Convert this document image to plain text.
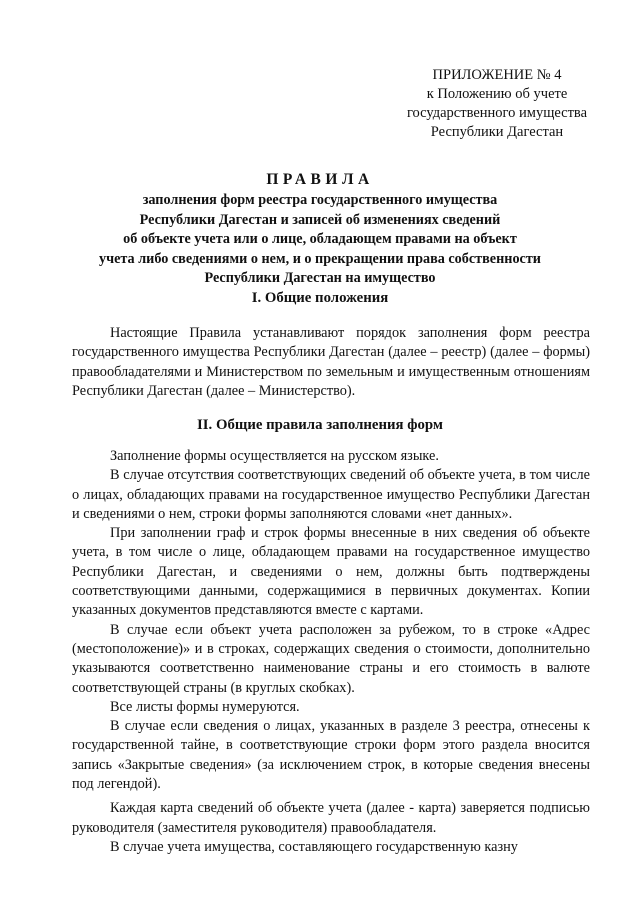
ПРИЛОЖЕНИЕ № 4
к Положению об учете
государственного имущества
Республики Дагестан
ПРАВИЛА
заполнения форм реестра государственного имущества
Республики Дагестан и записей об изменениях сведений
об объекте учета или о лице, обладающем правами на объект
учета либо сведениями о нем, и о прекращении права собственности
Республики Дагестан на имущество
I. Общие положения

Настоящие Правила устанавливают порядок заполнения форм реестра государственного имущества Республики Дагестан (далее – реестр) (далее – формы) правообладателями и Министерством по земельным и имущественным отношениям Республики Дагестан (далее – Министерство).

II. Общие правила заполнения форм

Заполнение формы осуществляется на русском языке.

В случае отсутствия соответствующих сведений об объекте учета, в том числе о лицах, обладающих правами на государственное имущество Республики Дагестан и сведениями о нем, строки формы заполняются словами «нет данных».

При заполнении граф и строк формы внесенные в них сведения об объекте учета, в том числе о лице, обладающем правами на государственное имущество Республики Дагестан, и сведениями о нем, должны быть подтверждены соответствующими данными, содержащимися в первичных документах. Копии указанных документов представляются вместе с картами.

В случае если объект учета расположен за рубежом, то в строке «Адрес (местоположение)» и в строках, содержащих сведения о стоимости, дополнительно указываются соответственно наименование страны и его стоимость в валюте соответствующей страны (в круглых скобках).

Все листы формы нумеруются.

В случае если сведения о лицах, указанных в разделе 3 реестра, отнесены к государственной тайне, в соответствующие строки форм этого раздела вносится запись «Закрытые сведения» (за исключением строк, в которые сведения внесены под легендой).

Каждая карта сведений об объекте учета (далее - карта) заверяется подписью руководителя (заместителя руководителя) правообладателя.

В случае учета имущества, составляющего государственную казну
